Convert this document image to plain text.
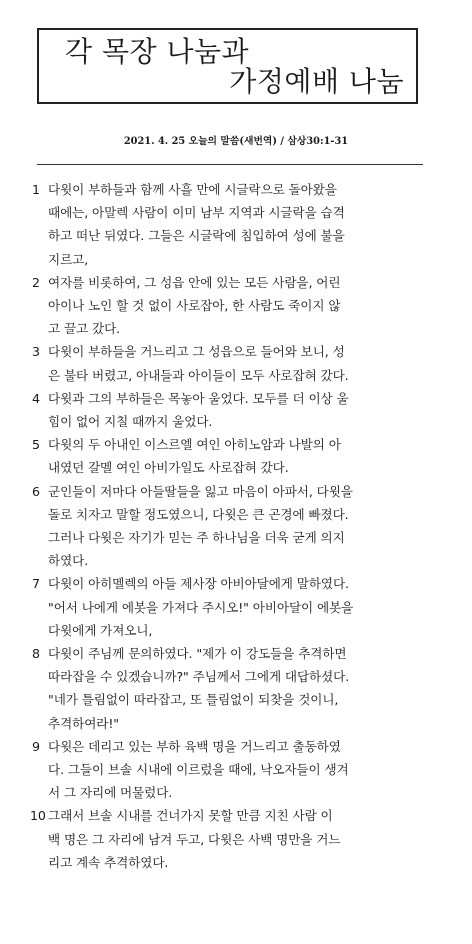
각 목장 나눔과
가정예배 나눔
2021. 4. 25 오늘의 말씀(새번역) / 삼상30:1-31
1 다윗이 부하들과 함께 사흘 만에 시글락으로 돌아왔을
때에는, 아말렉 사람이 이미 남부 지역과 시글락을 습격
하고 떠난 뒤였다. 그들은 시글락에 침입하여 성에 불을
지르고,
2 여자를 비롯하여, 그 성읍 안에 있는 모든 사람을, 어린
아이나 노인 할 것 없이 사로잡아, 한 사람도 죽이지 않
고 끌고 갔다.
3 다윗이 부하들을 거느리고 그 성읍으로 들어와 보니, 성
은 불타 버렸고, 아내들과 아이들이 모두 사로잡혀 갔다.
4 다윗과 그의 부하들은 목놓아 울었다. 모두를 더 이상 울
힘이 없어 지칠 때까지 울었다.
5 다윗의 두 아내인 이스르엘 여인 아히노암과 나발의 아
내였던 갈멜 여인 아비가일도 사로잡혀 갔다.
6 군인들이 저마다 아들딸들을 잃고 마음이 아파서, 다윗을
돌로 치자고 말할 정도였으니, 다윗은 큰 곤경에 빠졌다.
그러나 다윗은 자기가 믿는 주 하나님을 더욱 굳게 의지
하였다.
7 다윗이 아히멜렉의 아들 제사장 아비아달에게 말하였다.
"어서 나에게 에봇을 가져다 주시오!" 아비아달이 에봇을
다윗에게 가져오니,
8 다윗이 주님께 문의하였다. "제가 이 강도들을 추격하면
따라잡을 수 있겠습니까?" 주님께서 그에게 대답하셨다.
"네가 틀림없이 따라잡고, 또 틀림없이 되찾을 것이니,
추격하여라!"
9 다윗은 데리고 있는 부하 육백 명을 거느리고 출동하였
다. 그들이 브솔 시내에 이르렀을 때에, 낙오자들이 생겨
서 그 자리에 머물렀다.
10 그래서 브솔 시내를 건너가지 못할 만큼 지친 사람 이
백 명은 그 자리에 남겨 두고, 다윗은 사백 명만을 거느
리고 계속 추격하였다.
